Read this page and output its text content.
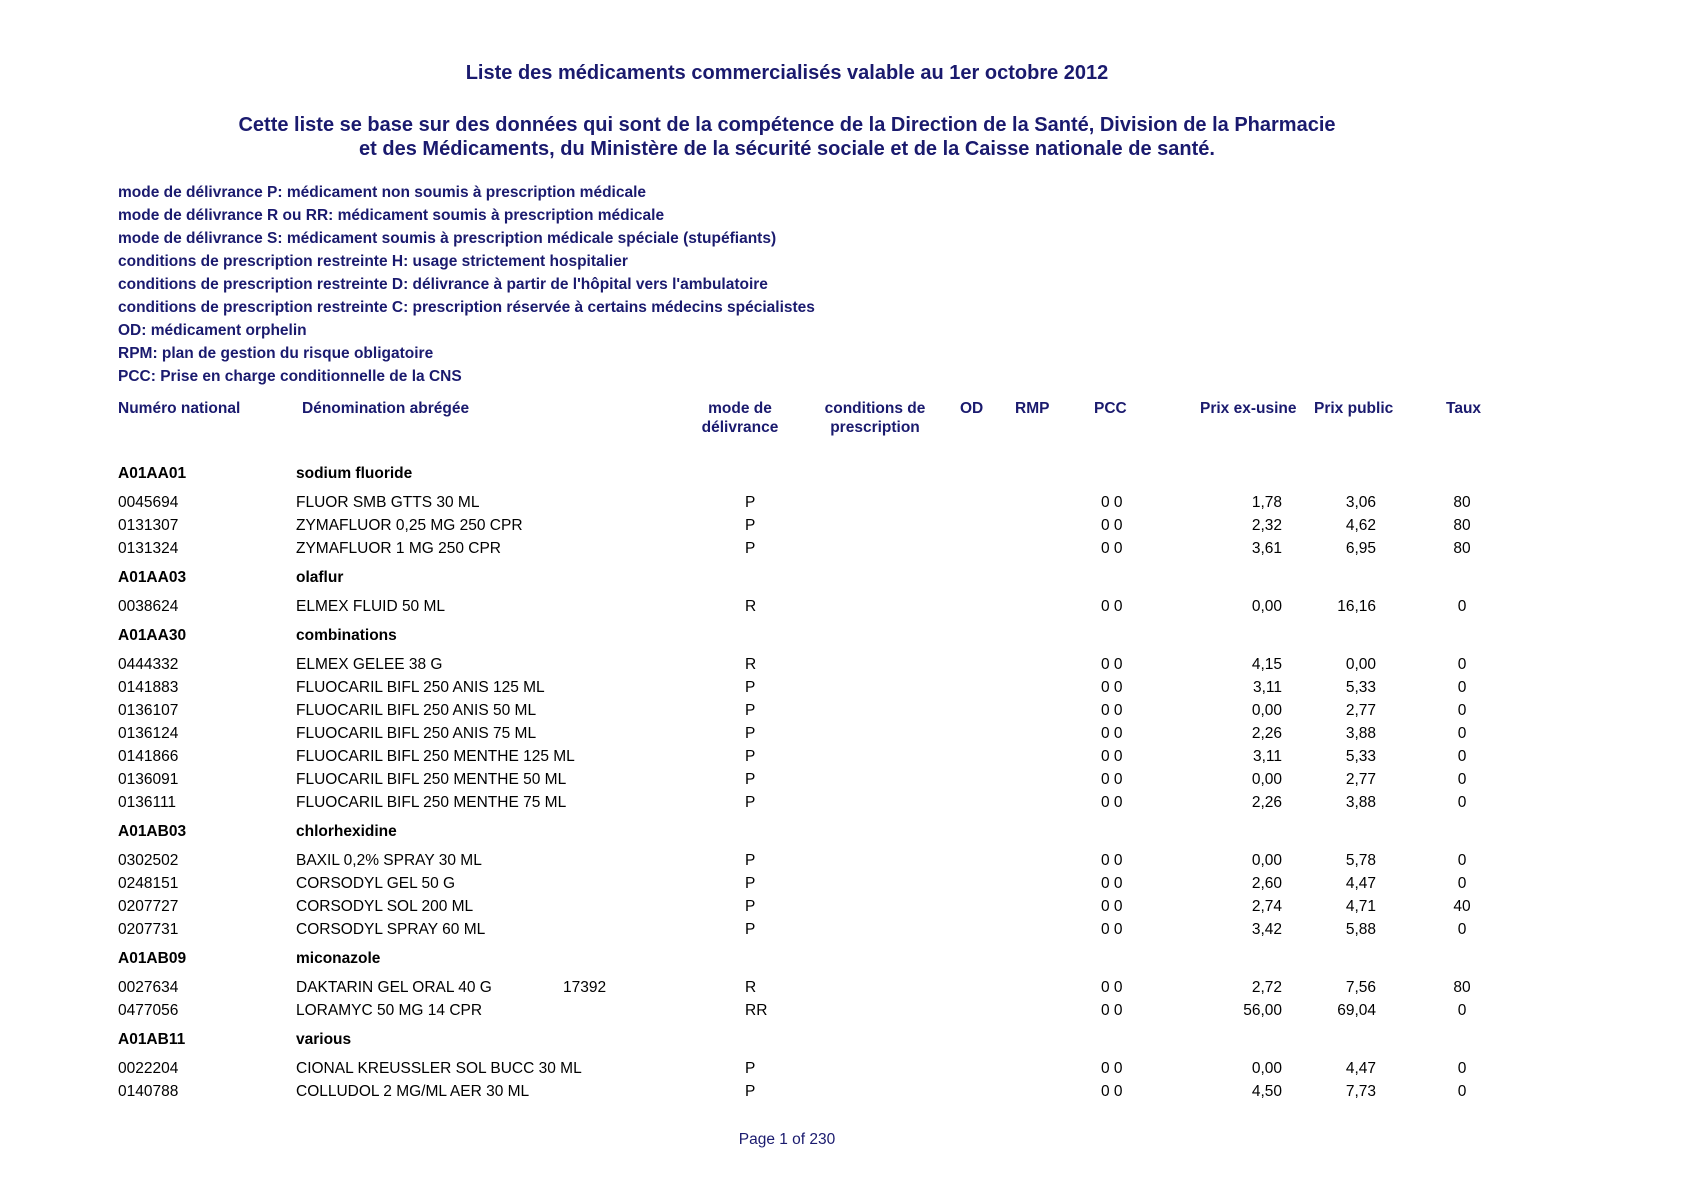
Liste des médicaments commercialisés valable au 1er octobre 2012
Cette liste se base sur des données qui sont de la compétence de la Direction de la Santé, Division de la Pharmacie
et des Médicaments, du Ministère de la sécurité sociale et de la Caisse nationale de santé.
mode de délivrance P: médicament non soumis à prescription médicale
mode de délivrance R ou RR: médicament soumis à prescription médicale
mode de délivrance S: médicament soumis à prescription médicale spéciale (stupéfiants)
conditions de prescription restreinte H: usage strictement hospitalier
conditions de prescription restreinte D: délivrance à partir de l'hôpital vers l'ambulatoire
conditions de prescription restreinte C: prescription réservée à certains médecins spécialistes
OD: médicament orphelin
RPM: plan de gestion du risque obligatoire
PCC: Prise en charge conditionnelle de la CNS
Numéro national	Dénomination abrégée	mode de
délivrance
conditions de
prescription
OD RMP	PCC	Prix ex-usine Prix public	Taux
A01AA01	sodium fluoride
0045694	FLUOR SMB GTTS 30 ML	P	0 0	1,78	3,06	80
0131307	ZYMAFLUOR 0,25 MG 250 CPR	P	0 0	2,32	4,62	80
0131324	ZYMAFLUOR 1 MG 250 CPR	P	0 0	3,61	6,95	80
A01AA03	olaflur
0038624	ELMEX FLUID 50 ML	R	0 0	0,00	16,16	0
A01AA30	combinations
0444332	ELMEX GELEE 38 G	R	0 0	4,15	0,00	0
0141883	FLUOCARIL BIFL 250 ANIS 125 ML	P	0 0	3,11	5,33	0
0136107	FLUOCARIL BIFL 250 ANIS 50 ML	P	0 0	0,00	2,77	0
0136124	FLUOCARIL BIFL 250 ANIS 75 ML	P	0 0	2,26	3,88	0
0141866	FLUOCARIL BIFL 250 MENTHE 125 ML	P	0 0	3,11	5,33	0
0136091	FLUOCARIL BIFL 250 MENTHE 50 ML	P	0 0	0,00	2,77	0
0136111	FLUOCARIL BIFL 250 MENTHE 75 ML	P	0 0	2,26	3,88	0
A01AB03	chlorhexidine
0302502	BAXIL 0,2% SPRAY 30 ML	P	0 0	0,00	5,78	0
0248151	CORSODYL GEL 50 G	P	0 0	2,60	4,47	0
0207727	CORSODYL SOL 200 ML	P	0 0	2,74	4,71	40
0207731	CORSODYL SPRAY 60 ML	P	0 0	3,42	5,88	0
A01AB09	miconazole
0027634	DAKTARIN GEL ORAL 40 G	17392	R	0 0	2,72	7,56	80
0477056	LORAMYC 50 MG 14 CPR	RR	0 0	56,00	69,04	0
A01AB11	various
0022204	CIONAL KREUSSLER SOL BUCC 30 ML	P	0 0	0,00	4,47	0
0140788	COLLUDOL 2 MG/ML AER 30 ML	P	0 0	4,50	7,73	0
Page 1 of 230
